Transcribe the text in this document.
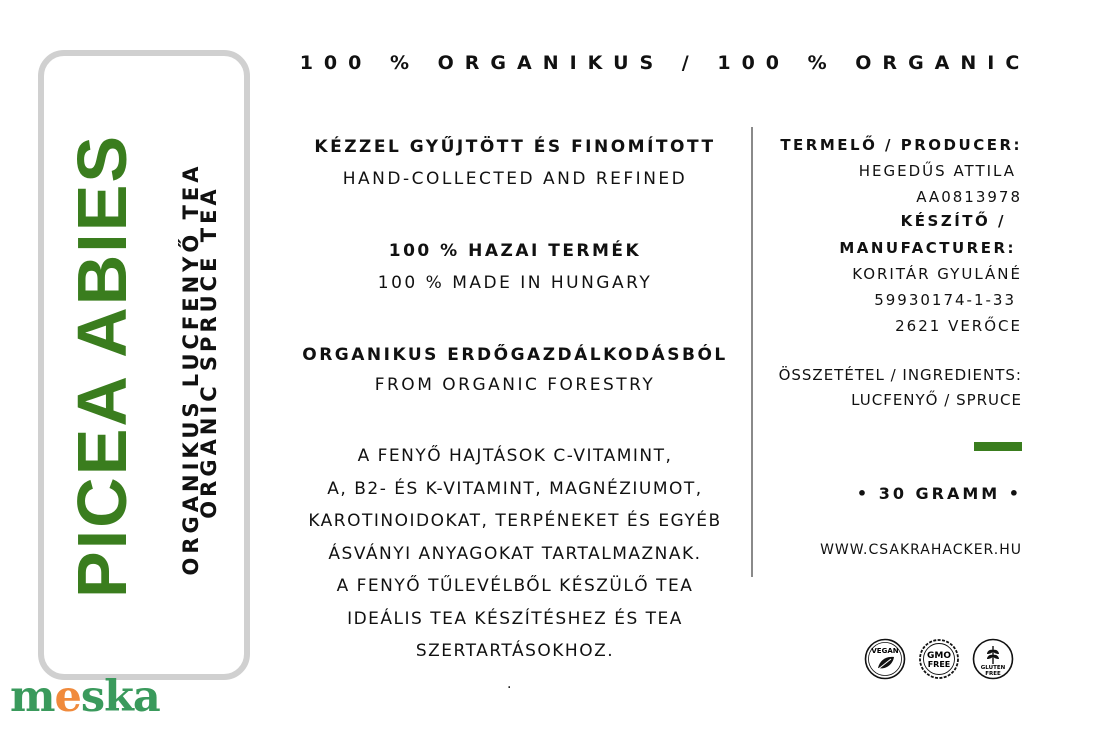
PICEA ABIES ORGANIKUS LUCFENYŐ TEA
ORGANIC SPRUCE TEA
100 % ORGANIKUS / 100 % ORGANIC
KÉZZEL GYŰJTÖTT ÉS FINOMÍTOTT
HAND-COLLECTED AND REFINED
100 % HAZAI TERMÉK
100 % MADE IN HUNGARY
ORGANIKUS ERDŐGAZDÁLKODÁSBÓL
FROM ORGANIC FORESTRY
A FENYŐ HAJTÁSOK C-VITAMINT,
A, B2- ÉS K-VITAMINT, MAGNÉZIUMOT,
KAROTINOIDOKAT, TERPÉNEKET ÉS EGYÉB
ÁSVÁNYI ANYAGOKAT TARTALMAZNAK.
A FENYŐ TŰLEVÉLBŐL KÉSZÜLŐ TEA
IDEÁLIS TEA KÉSZÍTÉSHEZ ÉS TEA
SZERTARTÁSOKHOZ.
.
TERMELŐ / PRODUCER:
HEGEDŰS ATTILA
AA0813978
KÉSZÍTŐ /
MANUFACTURER:
KORITÁR GYULÁNÉ
59930174-1-33
2621 VERŐCE
ÖSSZETÉTEL / INGREDIENTS:
LUCFENYŐ / SPRUCE
• 30 GRAMM •
WWW.CSAKRAHACKER.HU
VEGAN	GMO
FREE	GLUTEN
FREE
meska
